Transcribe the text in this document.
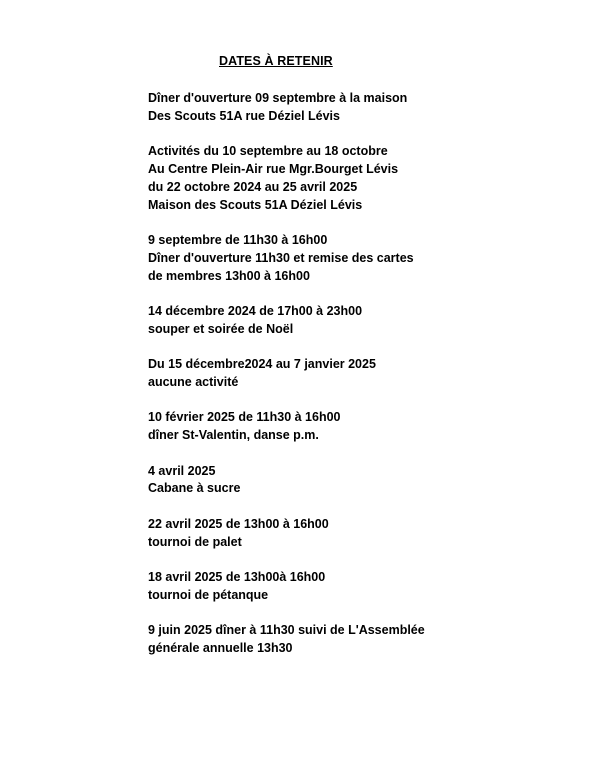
DATES À RETENIR
Dîner d'ouverture 09 septembre à la maison
Des Scouts 51A rue Déziel Lévis
Activités du 10 septembre au 18 octobre
Au Centre Plein-Air rue Mgr.Bourget Lévis
du 22 octobre 2024 au 25 avril 2025
Maison des Scouts 51A Déziel Lévis
9 septembre de 11h30 à 16h00
Dîner d'ouverture 11h30 et remise des cartes
de membres 13h00 à 16h00
14 décembre 2024 de 17h00 à 23h00
souper et soirée de Noël
Du 15 décembre2024 au 7 janvier 2025
aucune activité
10 février 2025 de 11h30 à 16h00
dîner St-Valentin, danse p.m.
4 avril 2025
Cabane à sucre
22 avril 2025 de 13h00 à 16h00
tournoi de palet
18 avril 2025 de 13h00à 16h00
tournoi de pétanque
9 juin 2025 dîner à 11h30 suivi de L'Assemblée
générale annuelle 13h30
